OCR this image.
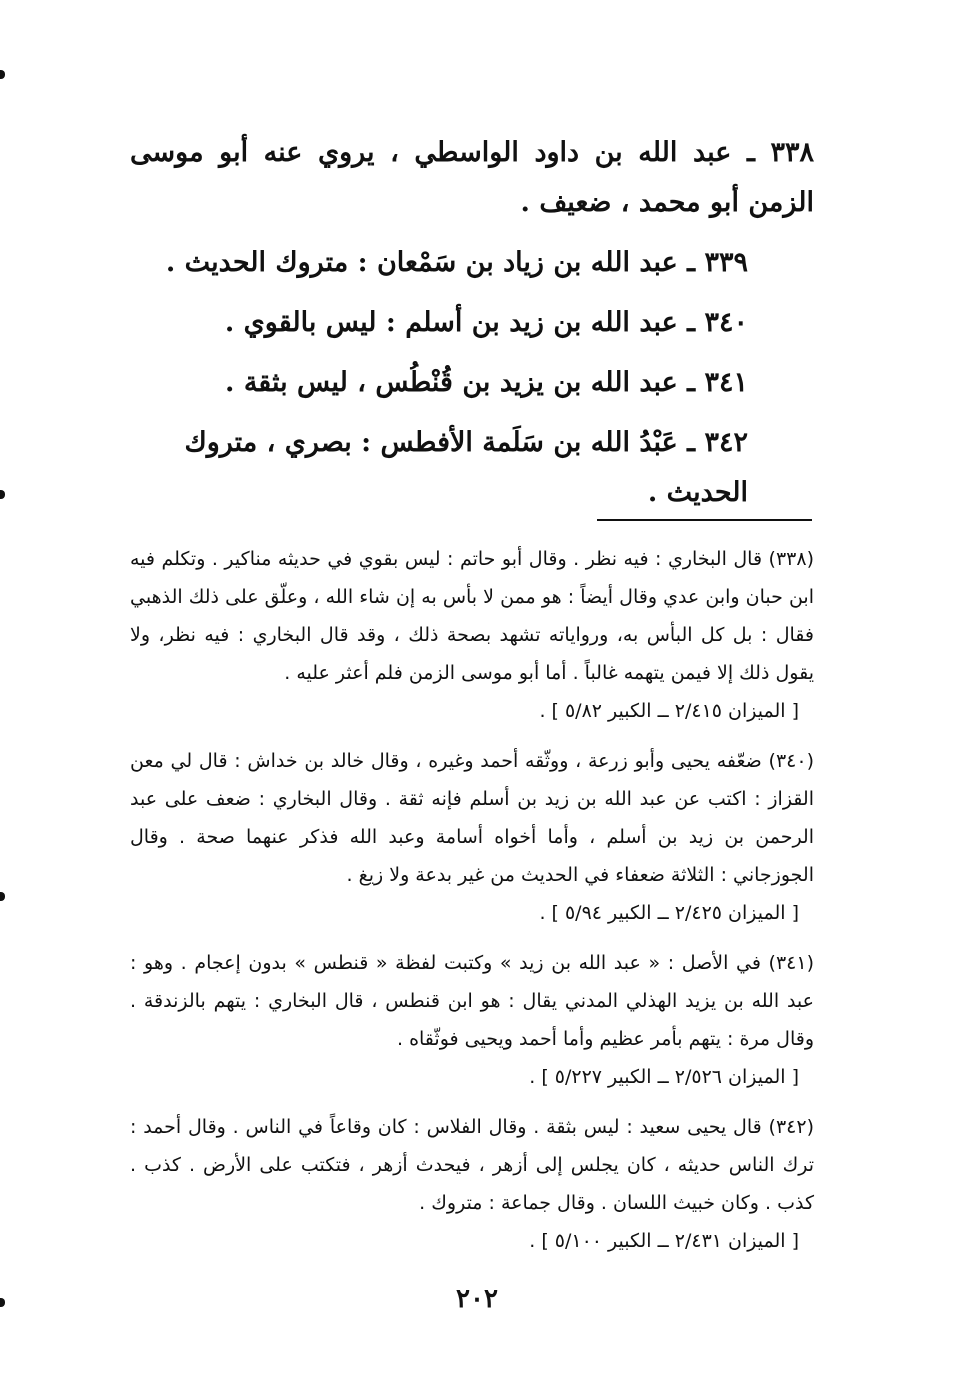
٣٣٨ ـ عبد الله بن داود الواسطي ، يروي عنه أبو موسى الزمن أبو محمد ، ضعيف .

٣٣٩ ـ عبد الله بن زياد بن سَمْعان : متروك الحديث .

٣٤٠ ـ عبد الله بن زيد بن أسلم : ليس بالقوي .

٣٤١ ـ عبد الله بن يزيد بن قُنْطُس ، ليس بثقة .

٣٤٢ ـ عَبْدُ الله بن سَلَمة الأفطس : بصري ، متروك الحديث .

(٣٣٨) قال البخاري : فيه نظر . وقال أبو حاتم : ليس بقوي في حديثه مناكير . وتكلم فيه ابن حبان وابن عدي وقال أيضاً : هو ممن لا بأس به إن شاء الله ، وعلّق على ذلك الذهبي فقال : بل كل البأس به، ورواياته تشهد بصحة ذلك ، وقد قال البخاري : فيه نظر، ولا يقول ذلك إلا فيمن يتهمه غالباً . أما أبو موسى الزمن فلم أعثر عليه .

[ الميزان ٢/٤١٥ ــ الكبير ٥/٨٢ ] .

(٣٤٠) ضعّفه يحيى وأبو زرعة ، ووثّقه أحمد وغيره ، وقال خالد بن خداش : قال لي معن القزاز : اكتب عن عبد الله بن زيد بن أسلم فإنه ثقة . وقال البخاري : ضعف على عبد الرحمن بن زيد بن أسلم ، وأما أخواه أسامة وعبد الله فذكر عنهما صحة . وقال الجوزجاني : الثلاثة ضعفاء في الحديث من غير بدعة ولا زيغ .

[ الميزان ٢/٤٢٥ ــ الكبير ٥/٩٤ ] .

(٣٤١) في الأصل : « عبد الله بن زيد » وكتبت لفظة « قنطس » بدون إعجام . وهو : عبد الله بن يزيد الهذلي المدني يقال : هو ابن قنطس ، قال البخاري : يتهم بالزندقة . وقال مرة : يتهم بأمر عظيم وأما أحمد ويحيى فوثّقاه .

[ الميزان ٢/٥٢٦ ــ الكبير ٥/٢٢٧ ] .

(٣٤٢) قال يحيى سعيد : ليس بثقة . وقال الفلاس : كان وقاعاً في الناس . وقال أحمد : ترك الناس حديثه ، كان يجلس إلى أزهر ، فيحدث أزهر ، فتكتب على الأرض . كذب . كذب . وكان خبيث اللسان . وقال جماعة : متروك .

[ الميزان ٢/٤٣١ ــ الكبير ٥/١٠٠ ] .

٢٠٢
